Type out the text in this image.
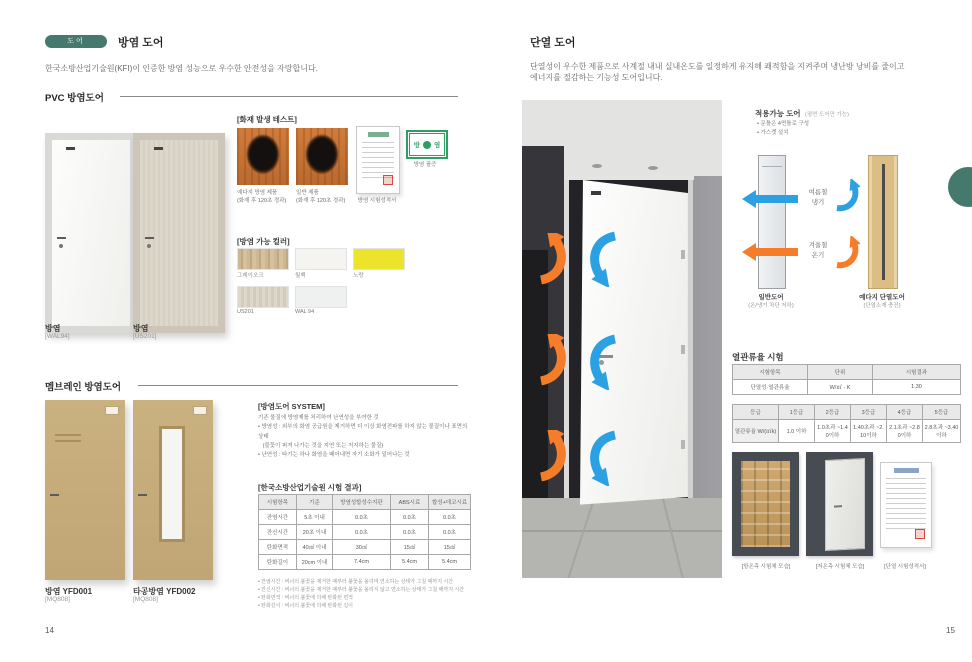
도어	방염 도어
한국소방산업기술원(KFI)이 인증한 방염 성능으로 우수한 안전성을 자랑합니다.
PVC 방염도어
방염
[WAL94]
방염
[US201]
[화재 발생 테스트]
예다지 방염 제품
(화재 후 120초 경과)
일반 제품
(화재 후 120초 경과)	방염 시험성적서
방 염
방염 필증
[방염 가능 컬러]
그레이오크	월백	노랑
US201	WAL 94
멤브레인 방염도어
방염 YFD001
[MQ808]
타공방염 YFD002
[MQ808]
[방염도어 SYSTEM]
기존 물질에 방염제를 처리하여 난연성을 부여한 것
• 방염성 : 외부의 화염 공급원을 제거하면 더 이상 화염전파를 하지 않는 물질이나 표면의 상태
(불꽃이 퍼져 나가는 것을 지연 또는 저지하는 물질)
• 난연성 : 타기는 하나 화염을 떼어내면 자기 소화가 일어나는 것
[한국소방산업기술원 시험 결과]
시험항목	기준	방염성합성수지판	ABS시료	합성+데코시료
잔염시간	5초 이내	0.0초	0.0초	0.0초
잔신시간	20초 이내	0.0초	0.0초	0.0초
탄화면적	40㎠ 이내	30㎠	15㎠	15㎠
탄화길이	20cm 이내	7.4cm	5.4cm	5.4cm
• 잔염시간 : 버너의 불꽃을 제거한 때부터 불꽃을 올리며 연소하는 상태가 그칠 때까지 시간
• 잔신시간 : 버너의 불꽃을 제거한 때부터 불꽃을 올리지 않고 연소하는 상태가 그칠 때까지 시간
• 탄화면적 : 버너의 불꽃에 의해 탄화된 면적
• 탄화길이 : 버너의 불꽃에 의해 탄화된 길이
14
단열 도어
단열성이 우수한 제품으로 사계절 내내 실내온도를 일정하게 유지해 쾌적함을 지켜주며 냉난방 낭비를 줄이고
에너지를 절감하는 기능성 도어입니다.
적용가능 도어 (평면 도어만 가능)
• 문틀은 4면틀로 구성
• 가스켓 설치
여름철
냉기
겨울철
온기
일반도어
(온/냉기 차단 저하)
예다지 단열도어
(단열소재 충진)
열관류율 시험
시험항목	단위	시험결과
단열성·열관류율	W/㎡ · K	1.30
등급	1등급	2등급	3등급	4등급	5등급
열관류율 W/(㎡k)	1.0 이하	1.0초과 ~1.40이하	1.40초과 ~2.10이하	2.1초과 ~2.80이하	2.8초과 ~3.40이하
[항온측 시험체 모습]	[저온측 시험체 모습]	[단열 시험성적서]
15
